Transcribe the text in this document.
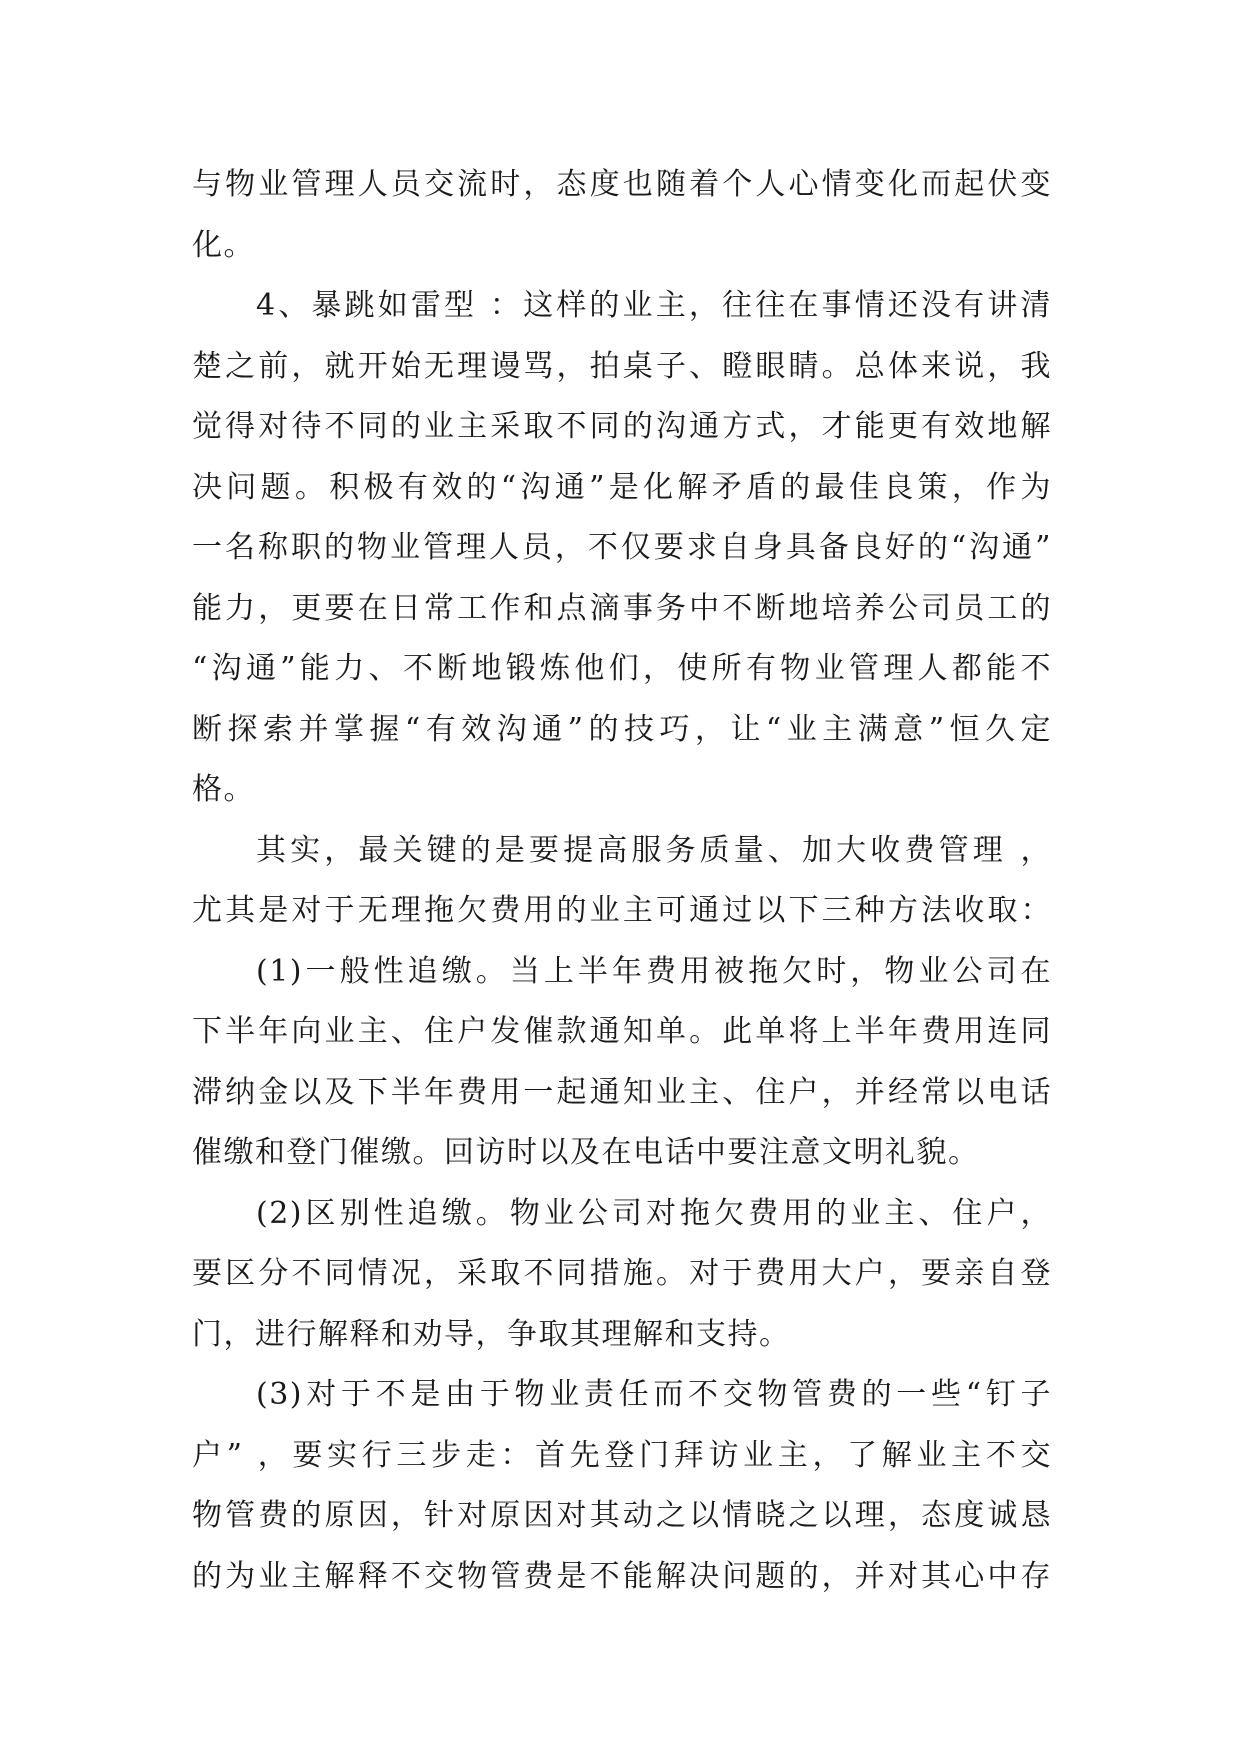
与物业管理人员交流时，态度也随着个人心情变化而起伏变
化。
4、暴跳如雷型 ：这样的业主，往往在事情还没有讲清
楚之前，就开始无理谩骂，拍桌子、瞪眼睛。总体来说，我
觉得对待不同的业主采取不同的沟通方式，才能更有效地解
决问题。积极有效的“沟通”是化解矛盾的最佳良策，作为
一名称职的物业管理人员，不仅要求自身具备良好的“沟通”
能力，更要在日常工作和点滴事务中不断地培养公司员工的
“沟通”能力、不断地锻炼他们，使所有物业管理人都能不
断探索并掌握“有效沟通”的技巧，让“业主满意”恒久定
格。
其实，最关键的是要提高服务质量、加大收费管理 ，
尤其是对于无理拖欠费用的业主可通过以下三种方法收取：
(1)一般性追缴。当上半年费用被拖欠时，物业公司在
下半年向业主、住户发催款通知单。此单将上半年费用连同
滞纳金以及下半年费用一起通知业主、住户，并经常以电话
催缴和登门催缴。回访时以及在电话中要注意文明礼貌。
(2)区别性追缴。物业公司对拖欠费用的业主、住户，
要区分不同情况，采取不同措施。对于费用大户，要亲自登
门，进行解释和劝导，争取其理解和支持。
(3)对于不是由于物业责任而不交物管费的一些“钉子
户” ，要实行三步走：首先登门拜访业主，了解业主不交
物管费的原因，针对原因对其动之以情晓之以理，态度诚恳
的为业主解释不交物管费是不能解决问题的，并对其心中存
